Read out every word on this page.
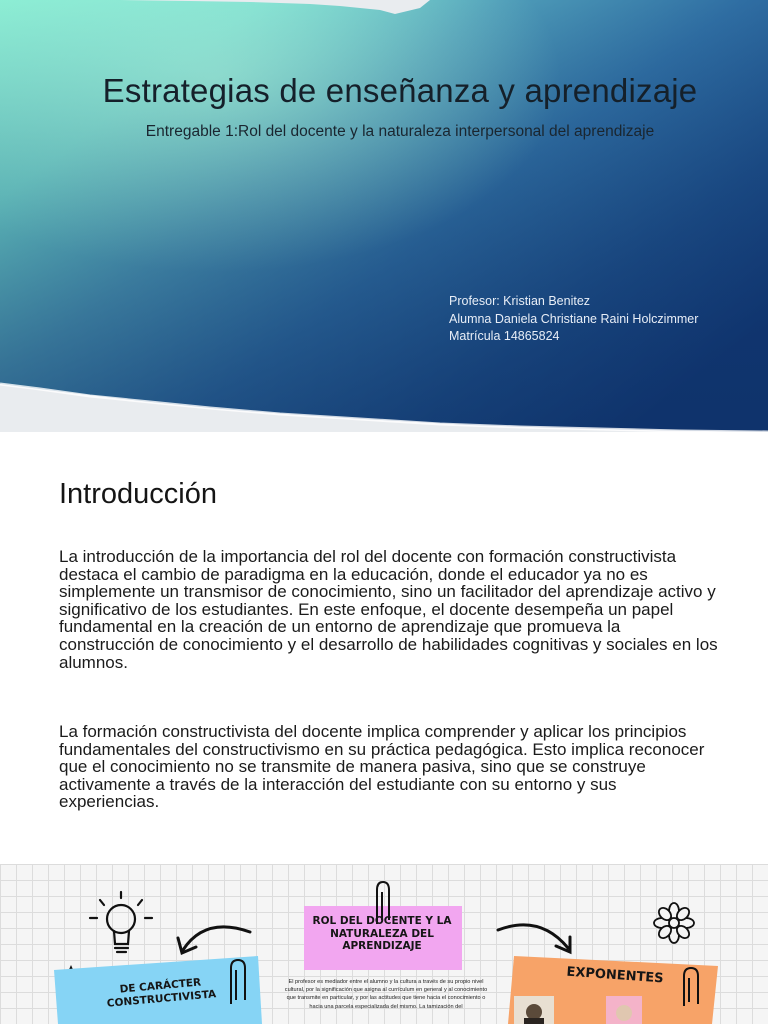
Estrategias de enseñanza y aprendizaje
Entregable 1:Rol del docente y la naturaleza interpersonal del aprendizaje
Profesor: Kristian Benitez
Alumna Daniela Christiane Raini Holczimmer
Matrícula 14865824
Introducción
La introducción de la importancia del rol del docente con formación constructivista destaca el cambio de paradigma en la educación, donde el educador ya no es simplemente un transmisor de conocimiento, sino un facilitador del aprendizaje activo y significativo de los estudiantes. En este enfoque, el docente desempeña un papel fundamental en la creación de un entorno de aprendizaje que promueva la construcción de conocimiento y el desarrollo de habilidades cognitivas y sociales en los alumnos.
La formación constructivista del docente implica comprender y aplicar los principios fundamentales del constructivismo en su práctica pedagógica. Esto implica reconocer que el conocimiento no se transmite de manera pasiva, sino que se construye activamente a través de la interacción del estudiante con su entorno y sus experiencias.
DE CARÁCTER CONSTRUCTIVISTA
ROL DEL DOCENTE Y LA NATURALEZA DEL APRENDIZAJE
EXPONENTES
El profesor es mediador entre el alumno y la cultura a través de su propio nivel cultural, por la significación que asigna al currículum en general y al conocimiento que transmite en particular, y por las actitudes que tiene hacia el conocimiento o hacia una parcela especializada del mismo. La tamización del
